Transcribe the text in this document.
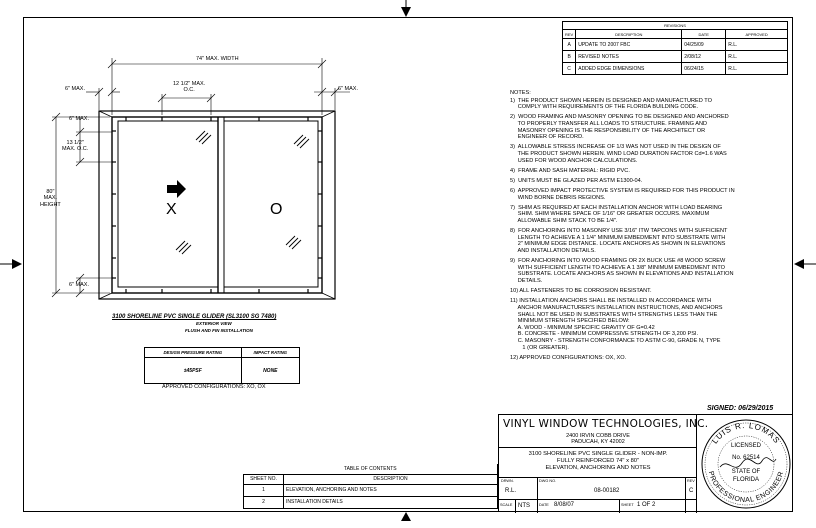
74" MAX. WIDTH
12 1/2" MAX.
O.C.
6" MAX.	6" MAX.
6" MAX.
13 1/2"
MAX. O.C.
80"
MAX.
HEIGHT
6" MAX.
X	O
3100 SHORELINE PVC SINGLE GLIDER (SL3100 SG 7480)
EXTERIOR VIEW
FLUSH AND FIN INSTALLATION
DESIGN PRESSURE RATING	IMPACT RATING
±45PSF	NONE
APPROVED CONFIGURATIONS: XO, OX
REVISIONS			
REV	DESCRIPTION	DATE	APPROVED
A	UPDATE TO 2007 FBC	04/25/09	R.L.
B	REVISED NOTES	2/08/12	R.L.
C	ADDED EDGE DIMENSIONS	06/24/15	R.L.

NOTES:

1)  THE PRODUCT SHOWN HEREIN IS DESIGNED AND MANUFACTURED TO
COMPLY WITH REQUIREMENTS OF THE FLORIDA BUILDING CODE.

2)  WOOD FRAMING AND MASONRY OPENING TO BE DESIGNED AND ANCHORED
TO PROPERLY TRANSFER ALL LOADS TO STRUCTURE. FRAMING AND
MASONRY OPENING IS THE RESPONSIBILITY OF THE ARCHITECT OR
ENGINEER OF RECORD.

3)  ALLOWABLE STRESS INCREASE OF 1/3 WAS NOT USED IN THE DESIGN OF
THE PRODUCT SHOWN HEREIN. WIND LOAD DURATION FACTOR Cd=1.6 WAS
USED FOR WOOD ANCHOR CALCULATIONS.

4)  FRAME AND SASH MATERIAL: RIGID PVC.

5)  UNITS MUST BE GLAZED PER ASTM E1300-04.

6)  APPROVED IMPACT PROTECTIVE SYSTEM IS REQUIRED FOR THIS PRODUCT IN
WIND BORNE DEBRIS REGIONS.

7)  SHIM AS REQUIRED AT EACH INSTALLATION ANCHOR WITH LOAD BEARING
SHIM. SHIM WHERE SPACE OF 1/16" OR GREATER OCCURS. MAXIMUM
ALLOWABLE SHIM STACK TO BE 1/4".

8)  FOR ANCHORING INTO MASONRY USE 3/16" ITW TAPCONS WITH SUFFICIENT
LENGTH TO ACHIEVE A 1 1/4" MINIMUM EMBEDMENT INTO SUBSTRATE WITH
2" MINIMUM EDGE DISTANCE. LOCATE ANCHORS AS SHOWN IN ELEVATIONS
AND INSTALLATION DETAILS.

9)  FOR ANCHORING INTO WOOD FRAMING OR 2X BUCK USE #8 WOOD SCREW
WITH SUFFICIENT LENGTH TO ACHIEVE A 1 3/8" MINIMUM EMBEDMENT INTO
SUBSTRATE. LOCATE ANCHORS AS SHOWN IN ELEVATIONS AND INSTALLATION
DETAILS.

10) ALL FASTENERS TO BE CORROSION RESISTANT.

11) INSTALLATION ANCHORS SHALL BE INSTALLED IN ACCORDANCE WITH
ANCHOR MANUFACTURER'S INSTALLATION INSTRUCTIONS, AND ANCHORS
SHALL NOT BE USED IN SUBSTRATES WITH STRENGTHS LESS THAN THE
MINIMUM STRENGTH SPECIFIED BELOW:
A. WOOD - MINIMUM SPECIFIC GRAVITY OF G=0.42
B. CONCRETE - MINIMUM COMPRESSIVE STRENGTH OF 3,200 PSI.
C. MASONRY - STRENGTH CONFORMANCE TO ASTM C-90, GRADE N, TYPE
1 (OR GREATER).

12) APPROVED CONFIGURATIONS: OX, XO.

SIGNED: 06/29/2015
VINYL WINDOW TECHNOLOGIES, INC.
2400 IRVIN COBB DRIVE
PADUCAH, KY 42002
3100 SHORELINE PVC SINGLE GLIDER - NON-IMP.
FULLY REINFORCED 74" x 80"
ELEVATION, ANCHORING AND NOTES
DRWN.
R.L.
DWG NO.
08-00182
REV
C
SCALE NTS DATE 8/08/07	SHEET 1 OF 2
LUIS R. LOMAS
PROFESSIONAL ENGINEER
LICENSED
No. 62514
STATE OF
FLORIDA
TABLE OF CONTENTS	
SHEET NO.	DESCRIPTION
1	ELEVATION, ANCHORING AND NOTES
2	INSTALLATION DETAILS
